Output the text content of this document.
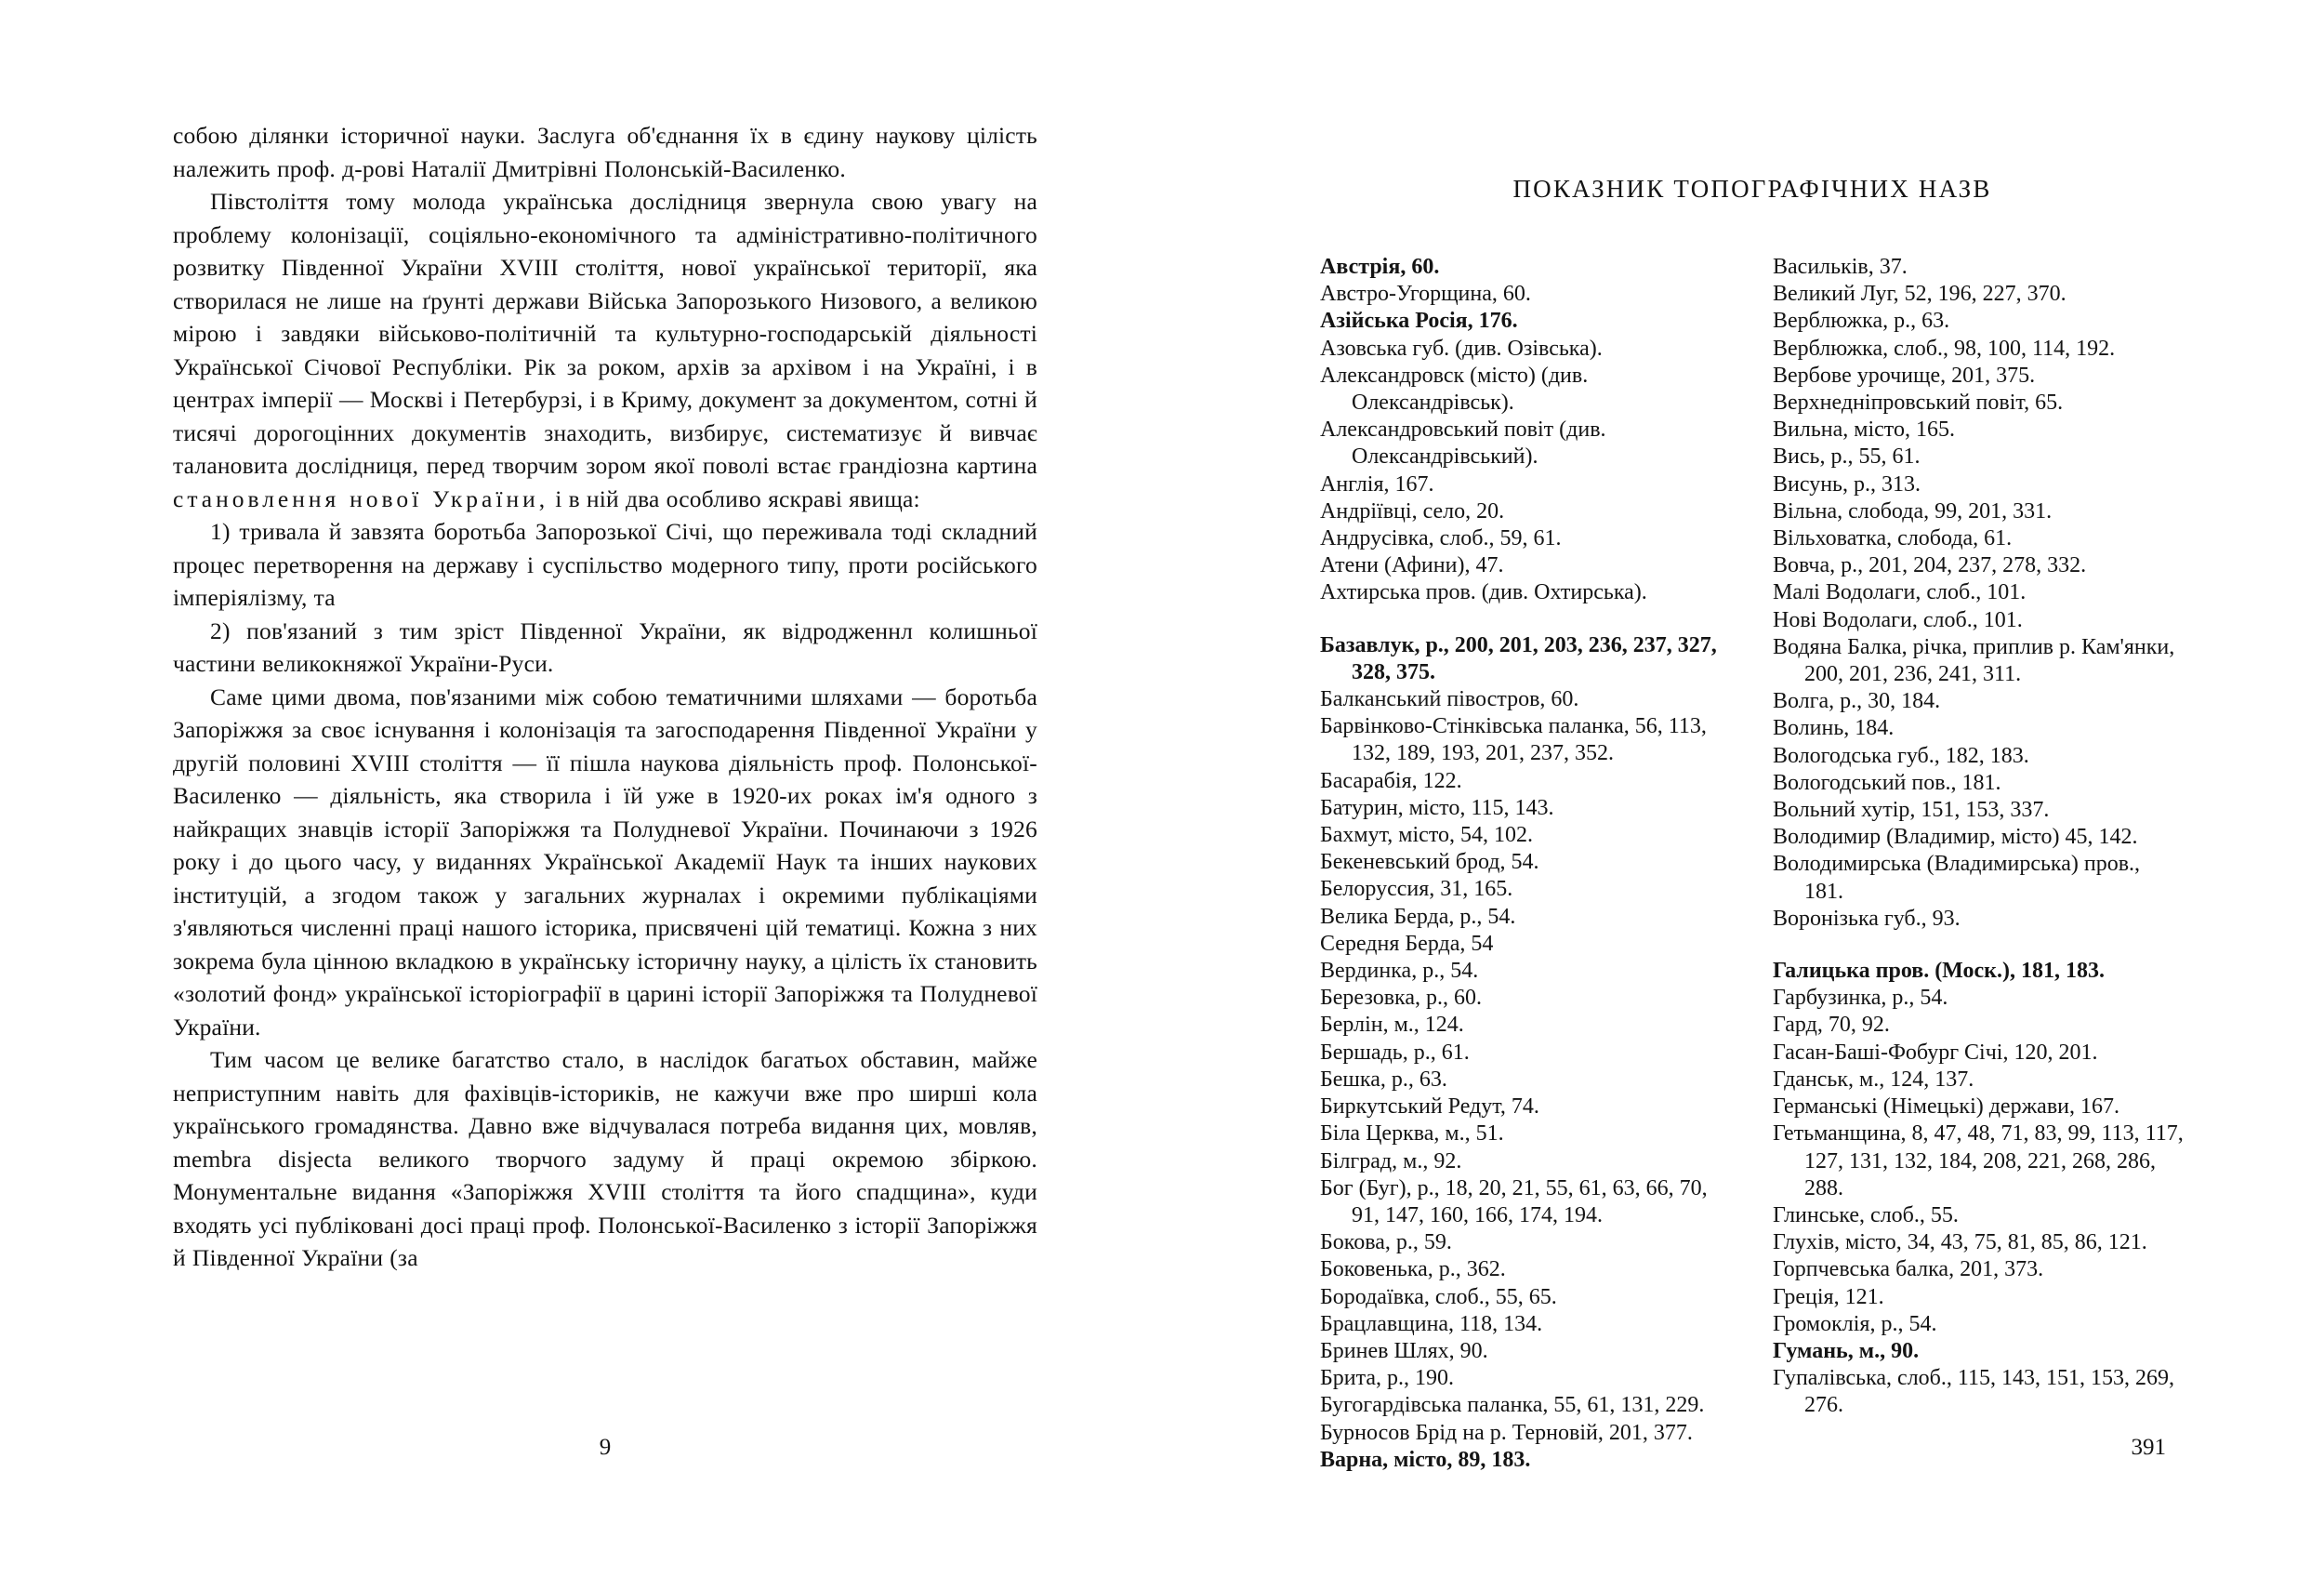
собою ділянки історичної науки. Заслуга об'єднання їх в єдину наукову цілість належить проф. д-рові Наталії Дмитрівні Полонській-Василенко.

Півстоліття тому молода українська дослідниця звернула свою увагу на проблему колонізації, соціяльно-економічного та адміністративно-політичного розвитку Південної України XVIII століття, нової української території, яка створилася не лише на ґрунті держави Війська Запорозького Низового, а великою мірою і завдяки військово-політичній та культурно-господарській діяльності Української Січової Республіки. Рік за роком, архів за архівом і на Україні, і в центрах імперії — Москві і Петербурзі, і в Криму, документ за документом, сотні й тисячі дорогоцінних документів знаходить, визбирує, систематизує й вивчає талановита дослідниця, перед творчим зором якої поволі встає грандіозна картина становлення нової України, і в ній два особливо яскраві явища:

1) тривала й завзята боротьба Запорозької Січі, що переживала тоді складний процес перетворення на державу і суспільство модерного типу, проти російського імперіялізму, та

2) пов'язаний з тим зріст Південної України, як відродженнл колишньої частини великокняжої України-Руси.

Саме цими двома, пов'язаними між собою тематичними шляхами — боротьба Запоріжжя за своє існування і колонізація та загосподарення Південної України у другій половині XVIII століття — її пішла наукова діяльність проф. Полонської-Василенко — діяльність, яка створила і їй уже в 1920-их роках ім'я одного з найкращих знавців історії Запоріжжя та Полудневої України. Починаючи з 1926 року і до цього часу, у виданнях Української Академії Наук та інших наукових інституцій, а згодом також у загальних журналах і окремими публікаціями з'являються численні праці нашого історика, присвячені цій тематиці. Кожна з них зокрема була цінною вкладкою в українську історичну науку, а цілість їх становить «золотий фонд» української історіографії в царині історії Запоріжжя та Полудневої України.

Тим часом це велике багатство стало, в наслідок багатьох обставин, майже неприступним навіть для фахівців-істориків, не кажучи вже про ширші кола українського громадянства. Давно вже відчувалася потреба видання цих, мовляв, membra disjecta великого творчого задуму й праці окремою збіркою. Монументальне видання «Запоріжжя XVIII століття та його спадщина», куди входять усі публіковані досі праці проф. Полонської-Василенко з історії Запоріжжя й Південної України (за

9
ПОКАЗНИК ТОПОГРАФІЧНИХ НАЗВ

Австрія, 60.

Австро-Угорщина, 60.

Азійська Росія, 176.

Азовська губ. (див. Озівська).

Александровск (місто) (див. Олександрівськ).

Александровський повіт (див. Олександрівський).

Англія, 167.

Андріївці, село, 20.

Андрусівка, слоб., 59, 61.

Атени (Афини), 47.

Ахтирська пров. (див. Охтирська).

Базавлук, р., 200, 201, 203, 236, 237, 327, 328, 375.

Балканський півостров, 60.

Барвінково-Стінківська паланка, 56, 113, 132, 189, 193, 201, 237, 352.

Басарабія, 122.

Батурин, місто, 115, 143.

Бахмут, місто, 54, 102.

Бекеневський брод, 54.

Белоруссия, 31, 165.

Велика Берда, р., 54.

Середня Берда, 54

Вердинка, р., 54.

Березовка, р., 60.

Берлін, м., 124.

Бершадь, р., 61.

Бешка, р., 63.

Биркутський Редут, 74.

Біла Церква, м., 51.

Білград, м., 92.

Бог (Буг), р., 18, 20, 21, 55, 61, 63, 66, 70, 91, 147, 160, 166, 174, 194.

Бокова, р., 59.

Боковенька, р., 362.

Бородаївка, слоб., 55, 65.

Брацлавщина, 118, 134.

Бринев Шлях, 90.

Брита, р., 190.

Бугогардівська паланка, 55, 61, 131, 229.

Бурносов Брід на р. Терновій, 201, 377.

Варна, місто, 89, 183.

Васильків, 37.

Великий Луг, 52, 196, 227, 370.

Верблюжка, р., 63.

Верблюжка, слоб., 98, 100, 114, 192.

Вербове урочище, 201, 375.

Верхнедніпровський повіт, 65.

Вильна, місто, 165.

Вись, р., 55, 61.

Висунь, р., 313.

Вільна, слобода, 99, 201, 331.

Вільховатка, слобода, 61.

Вовча, р., 201, 204, 237, 278, 332.

Малі Водолаги, слоб., 101.

Нові Водолаги, слоб., 101.

Водяна Балка, річка, приплив р. Кам'янки, 200, 201, 236, 241, 311.

Волга, р., 30, 184.

Волинь, 184.

Вологодська губ., 182, 183.

Вологодський пов., 181.

Вольний хутір, 151, 153, 337.

Володимир (Владимир, місто) 45, 142.

Володимирська (Владимирська) пров., 181.

Воронізька губ., 93.

Галицька пров. (Моск.), 181, 183.

Гарбузинка, р., 54.

Гард, 70, 92.

Гасан-Баші-Фобург Січі, 120, 201.

Гданськ, м., 124, 137.

Германські (Німецькі) держави, 167.

Гетьманщина, 8, 47, 48, 71, 83, 99, 113, 117, 127, 131, 132, 184, 208, 221, 268, 286, 288.

Глинське, слоб., 55.

Глухів, місто, 34, 43, 75, 81, 85, 86, 121.

Горпчевська балка, 201, 373.

Греція, 121.

Громоклія, р., 54.

Гумань, м., 90.

Гупалівська, слоб., 115, 143, 151, 153, 269, 276.

391
